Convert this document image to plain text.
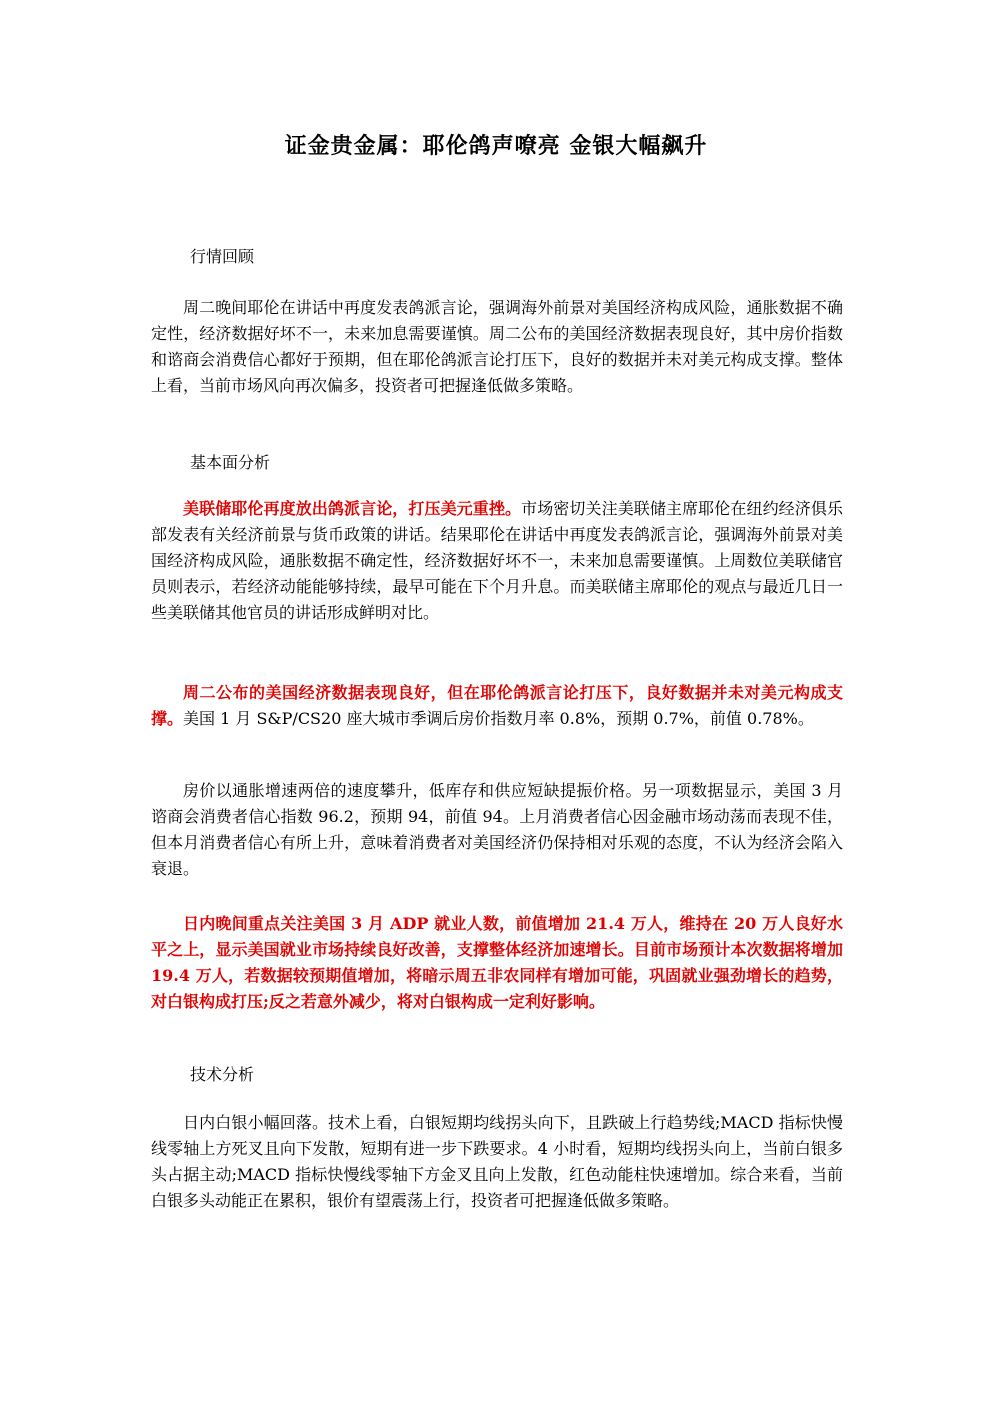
证金贵金属：耶伦鸽声嘹亮 金银大幅飙升
行情回顾

周二晚间耶伦在讲话中再度发表鸽派言论，强调海外前景对美国经济构成风险，通胀数据不确定性，经济数据好坏不一，未来加息需要谨慎。周二公布的美国经济数据表现良好，其中房价指数和谘商会消费信心都好于预期，但在耶伦鸽派言论打压下，良好的数据并未对美元构成支撑。整体上看，当前市场风向再次偏多，投资者可把握逢低做多策略。

基本面分析

美联储耶伦再度放出鸽派言论，打压美元重挫。市场密切关注美联储主席耶伦在纽约经济俱乐部发表有关经济前景与货币政策的讲话。结果耶伦在讲话中再度发表鸽派言论，强调海外前景对美国经济构成风险，通胀数据不确定性，经济数据好坏不一，未来加息需要谨慎。上周数位美联储官员则表示，若经济动能能够持续，最早可能在下个月升息。而美联储主席耶伦的观点与最近几日一些美联储其他官员的讲话形成鲜明对比。

周二公布的美国经济数据表现良好，但在耶伦鸽派言论打压下，良好数据并未对美元构成支撑。美国 1 月 S&P/CS20 座大城市季调后房价指数月率 0.8%，预期 0.7%，前值 0.78%。

房价以通胀增速两倍的速度攀升，低库存和供应短缺提振价格。另一项数据显示，美国 3 月谘商会消费者信心指数 96.2，预期 94，前值 94。上月消费者信心因金融市场动荡而表现不佳，但本月消费者信心有所上升，意味着消费者对美国经济仍保持相对乐观的态度，不认为经济会陷入衰退。

日内晚间重点关注美国 3 月 ADP 就业人数，前值增加 21.4 万人，维持在 20 万人良好水平之上，显示美国就业市场持续良好改善，支撑整体经济加速增长。目前市场预计本次数据将增加 19.4 万人，若数据较预期值增加，将暗示周五非农同样有增加可能，巩固就业强劲增长的趋势，对白银构成打压;反之若意外减少，将对白银构成一定利好影响。

技术分析

日内白银小幅回落。技术上看，白银短期均线拐头向下，且跌破上行趋势线;MACD 指标快慢线零轴上方死叉且向下发散，短期有进一步下跌要求。4 小时看，短期均线拐头向上，当前白银多头占据主动;MACD 指标快慢线零轴下方金叉且向上发散，红色动能柱快速增加。综合来看，当前白银多头动能正在累积，银价有望震荡上行，投资者可把握逢低做多策略。
